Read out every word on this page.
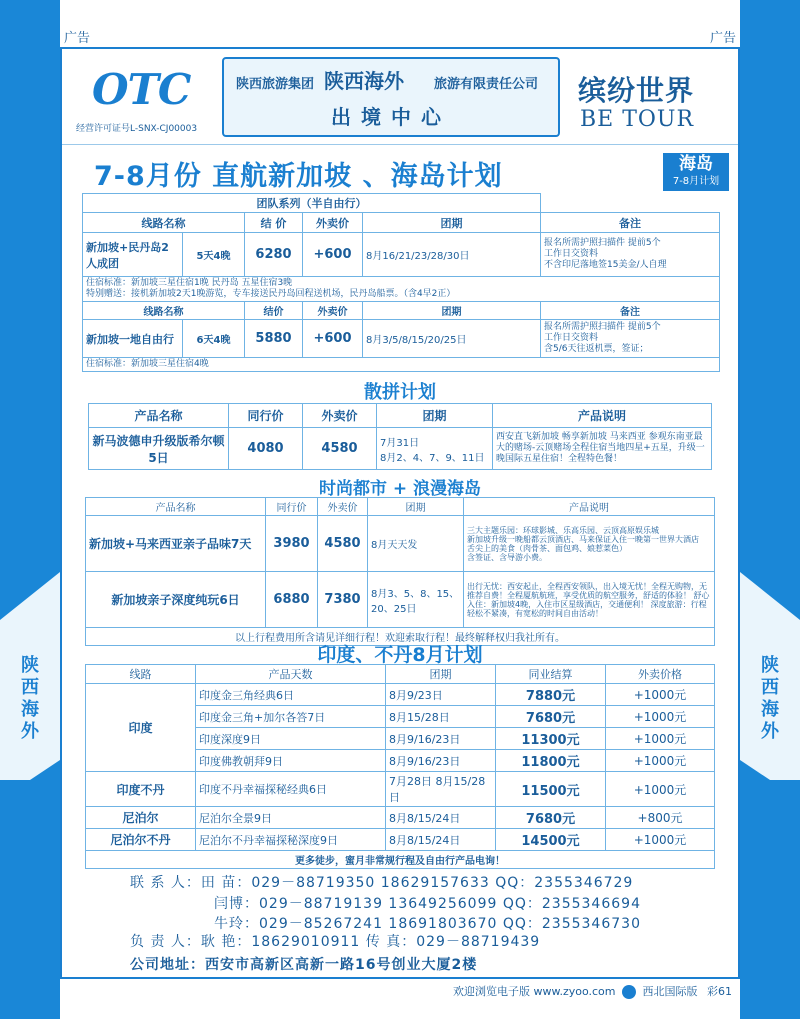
陕西海外
陕西海外
广告	广告
OTC
经营许可证号L-SNX-CJ00003
陕西旅游集团 陕西海外 旅游有限责任公司
出境中心
缤纷世界
BE TOUR
7-8月份 直航新加坡 、海岛计划	海岛
7-8月计划
团队系列（半自由行）					
线路名称		结 价	外卖价	团期	备注
新加坡+民丹岛2人成团	5天4晚	6280	+600	8月16/21/23/28/30日	报名所需护照扫描件 提前5个
工作日交资料
不含印尼落地签15美金/人自理
住宿标准：新加坡三星住宿1晚 民丹岛 五星住宿3晚
特别赠送：接机新加坡2天1晚游览，专车接送民丹岛回程送机场，民丹岛船票。（含4早2正）					
线路名称		结价	外卖价	团期	备注
新加坡一地自由行	6天4晚	5880	+600	8月3/5/8/15/20/25日	报名所需护照扫描件 提前5个
工作日交资料
含5/6天往返机票，签证；
住宿标准：新加坡三星住宿4晚					
散拼计划
产品名称	同行价	外卖价	团期	产品说明
新马波德申升级版希尔顿5日	4080	4580	7月31日
8月2、4、7、9、11日	西安直飞新加坡 畅享新加坡 马来西亚 参观东南亚最大的赌场-云顶赌场全程住宿当地四星+五星，升级一晚国际五星住宿！全程特色餐！
时尚都市 + 浪漫海岛
产品名称	同行价	外卖价	团期	产品说明
新加坡+马来西亚亲子品味7天	3980	4580	8月天天发	三大主题乐园：环球影城、乐高乐园、云顶高原娱乐城
新加坡升级一晚船都云顶酒店、马来保证入住一晚第一世界大酒店
舌尖上的美食（肉骨茶、面包鸡、娘惹菜色）
含签证、含导游小费。
新加坡亲子深度纯玩6日	6880	7380	8月3、5、8、15、20、25日	出行无忧：西安起止，全程西安领队，出入境无忧！全程无购物，无推荐自费！全程厦航航班，享受优质的航空服务，舒适的体验！ 舒心入住：新加坡4晚，入住市区星级酒店，交通便利！ 深度旅游：行程轻松不紧凑，有宽松的时间自由活动！
以上行程费用所含请见详细行程！欢迎索取行程！最终解释权归我社所有。				
印度、不丹8月计划
线路	产品天数	团期	同业结算	外卖价格
印度	印度金三角经典6日	8月9/23日	7880元	+1000元
	印度金三角+加尔各答7日	8月15/28日	7680元	+1000元
	印度深度9日	8月9/16/23日	11300元	+1000元
	印度佛教朝拜9日	8月9/16/23日	11800元	+1000元
印度不丹	印度不丹幸福探秘经典6日	7月28日 8月15/28日	11500元	+1000元
尼泊尔	尼泊尔全景9日	8月8/15/24日	7680元	+800元
尼泊尔不丹	尼泊尔不丹幸福探秘深度9日	8月8/15/24日	14500元	+1000元
更多徒步，蜜月非常规行程及自由行产品电询！				
联 系 人：田 苗：029－88719350 18629157633 QQ：2355346729
闫博：029－88719139 13649256099 QQ：2355346694
牛玲：029－85267241 18691803670 QQ：2355346730
负 责 人：耿 艳：18629010911 传 真：029－88719439
公司地址：西安市高新区高新一路16号创业大厦2楼
欢迎浏览电子版 www.zyoo.com 西北国际版 彩61
